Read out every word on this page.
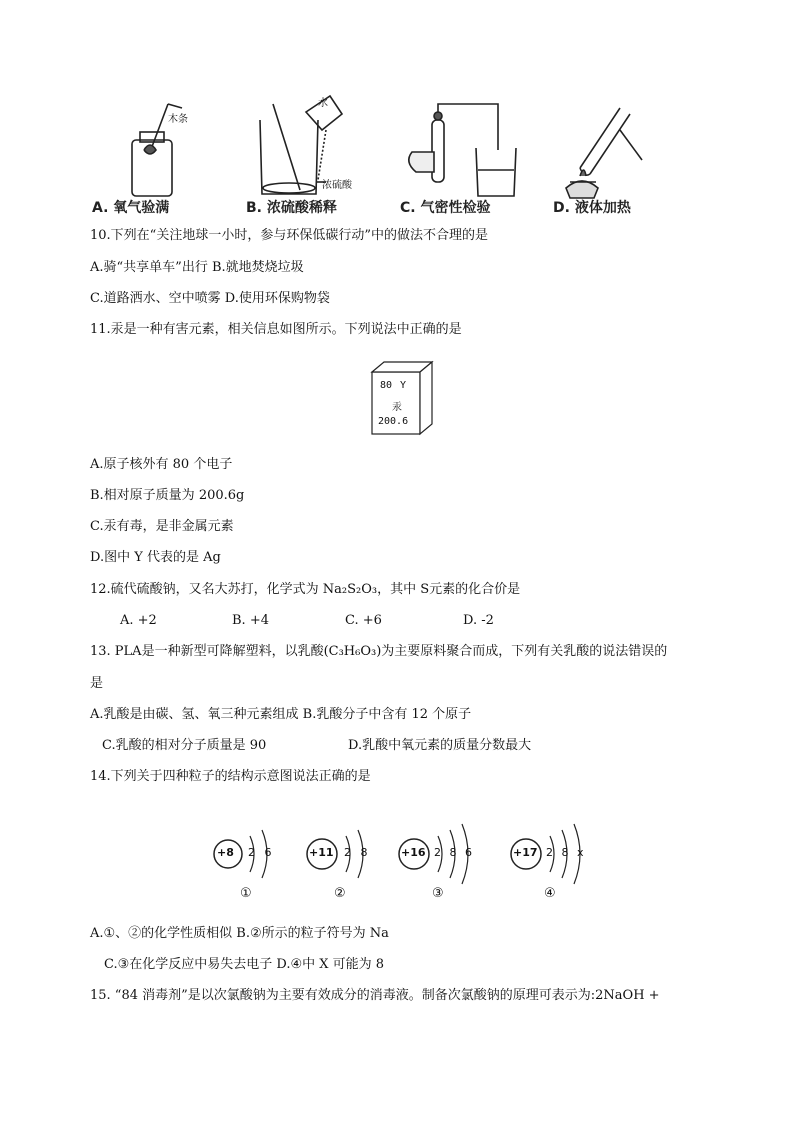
木条
水
浓硫酸
A. 氧气验满	B. 浓硫酸稀释	C. 气密性检验	D. 液体加热
10.下列在“关注地球一小时，参与环保低碳行动”中的做法不合理的是
A.骑“共享单车”出行 B.就地焚烧垃圾
C.道路洒水、空中喷雾 D.使用环保购物袋
11.汞是一种有害元素，相关信息如图所示。下列说法中正确的是
80 Y
汞
200.6
A.原子核外有 80 个电子
B.相对原子质量为 200.6g
C.汞有毒，是非金属元素
D.图中 Y 代表的是 Ag
12.硫代硫酸钠，又名大苏打，化学式为 Na₂S₂O₃，其中 S元素的化合价是
A. +2	B. +4	C. +6	D. -2
13. PLA是一种新型可降解塑料，以乳酸(C₃H₆O₃)为主要原料聚合而成，下列有关乳酸的说法错误的
是
A.乳酸是由碳、氢、氧三种元素组成 B.乳酸分子中含有 12 个原子
C.乳酸的相对分子质量是 90	D.乳酸中氧元素的质量分数最大
14.下列关于四种粒子的结构示意图说法正确的是
+8 2 6
①
+11 2 8
②
+16 2 8 6
③
+17 2 8 x
④
A.①、②的化学性质相似 B.②所示的粒子符号为 Na
C.③在化学反应中易失去电子 D.④中 X 可能为 8
15. “84 消毒剂”是以次氯酸钠为主要有效成分的消毒液。制备次氯酸钠的原理可表示为:2NaOH +
